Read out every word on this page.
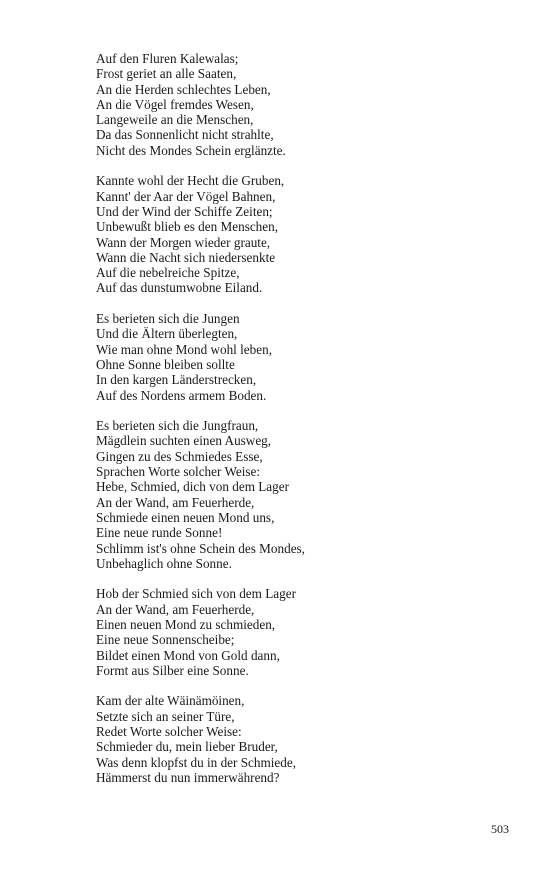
Auf den Fluren Kalewalas;
Frost geriet an alle Saaten,
An die Herden schlechtes Leben,
An die Vögel fremdes Wesen,
Langeweile an die Menschen,
Da das Sonnenlicht nicht strahlte,
Nicht des Mondes Schein erglänzte.
Kannte wohl der Hecht die Gruben,
Kannt' der Aar der Vögel Bahnen,
Und der Wind der Schiffe Zeiten;
Unbewußt blieb es den Menschen,
Wann der Morgen wieder graute,
Wann die Nacht sich niedersenkte
Auf die nebelreiche Spitze,
Auf das dunstumwobne Eiland.
Es berieten sich die Jungen
Und die Ältern überlegten,
Wie man ohne Mond wohl leben,
Ohne Sonne bleiben sollte
In den kargen Länderstrecken,
Auf des Nordens armem Boden.
Es berieten sich die Jungfraun,
Mägdlein suchten einen Ausweg,
Gingen zu des Schmiedes Esse,
Sprachen Worte solcher Weise:
Hebe, Schmied, dich von dem Lager
An der Wand, am Feuerherde,
Schmiede einen neuen Mond uns,
Eine neue runde Sonne!
Schlimm ist's ohne Schein des Mondes,
Unbehaglich ohne Sonne.
Hob der Schmied sich von dem Lager
An der Wand, am Feuerherde,
Einen neuen Mond zu schmieden,
Eine neue Sonnenscheibe;
Bildet einen Mond von Gold dann,
Formt aus Silber eine Sonne.
Kam der alte Wäinämöinen,
Setzte sich an seiner Türe,
Redet Worte solcher Weise:
Schmieder du, mein lieber Bruder,
Was denn klopfst du in der Schmiede,
Hämmerst du nun immerwährend?
503
